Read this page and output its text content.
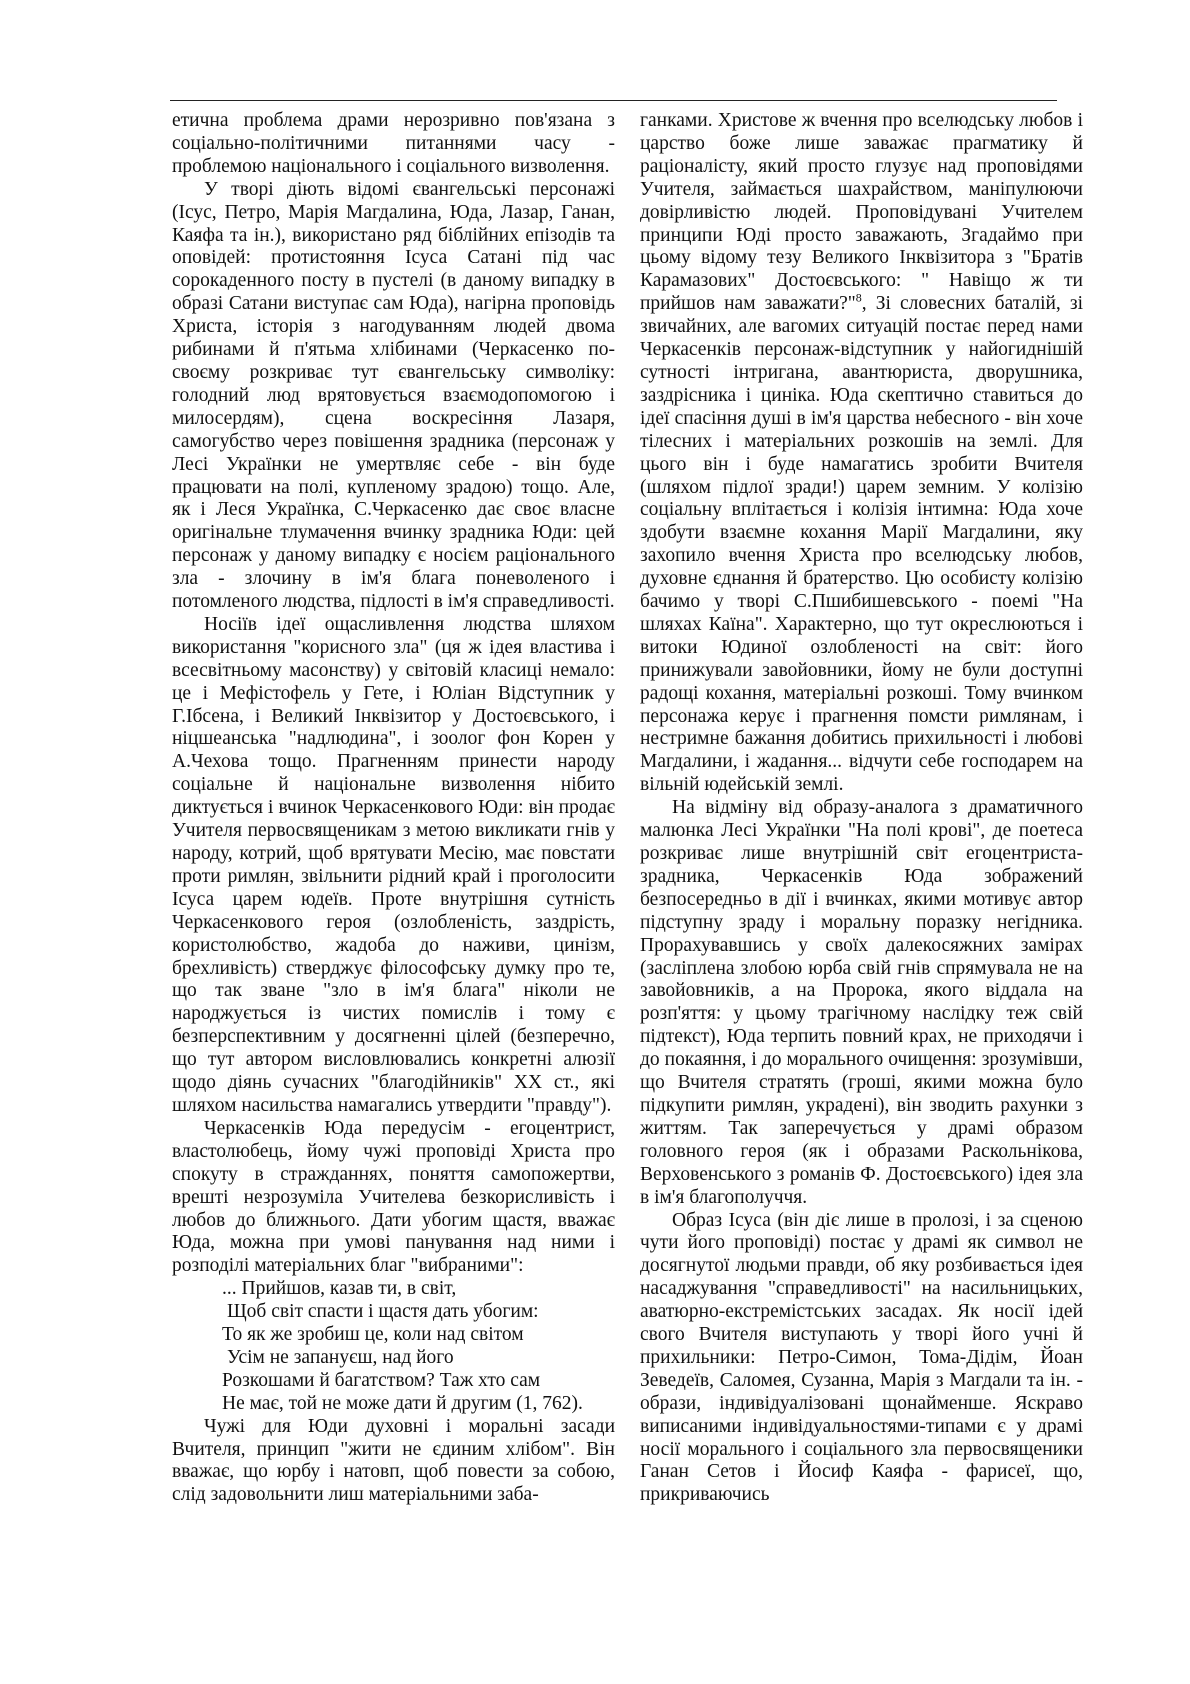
етична проблема драми нерозривно пов'язана з соціально-політичними питаннями часу - проблемою національного і соціального визволення.

У творі діють відомі євангельські персонажі (Ісус, Петро, Марія Магдалина, Юда, Лазар, Ганан, Каяфа та ін.), використано ряд біблійних епізодів та оповідей: протистояння Ісуса Сатані під час сорокаденного посту в пустелі (в даному випадку в образі Сатани виступає сам Юда), нагірна проповідь Христа, історія з нагодуванням людей двома рибинами й п'ятьма хлібинами (Черкасенко по-своєму розкриває тут євангельську символіку: голодний люд врятовується взаємодопомогою і милосердям), сцена воскресіння Лазаря, самогубство через повішення зрадника (персонаж у Лесі Українки не умертвляє себе - він буде працювати на полі, купленому зрадою) тощо. Але, як і Леся Українка, С.Черкасенко дає своє власне оригінальне тлумачення вчинку зрадника Юди: цей персонаж у даному випадку є носієм раціонального зла - злочину в ім'я блага поневоленого і потомленого людства, підлості в ім'я справедливості.

Носіїв ідеї ощасливлення людства шляхом використання "корисного зла" (ця ж ідея властива і всесвітньому масонству) у світовій класиці немало: це і Мефістофель у Гете, і Юліан Відступник у Г.Ібсена, і Великий Інквізитор у Достоєвського, і ніцшеанська "надлюдина", і зоолог фон Корен у А.Чехова тощо. Прагненням принести народу соціальне й національне визволення нібито диктується і вчинок Черкасенкового Юди: він продає Учителя первосвященикам з метою викликати гнів у народу, котрий, щоб врятувати Месію, має повстати проти римлян, звільнити рідний край і проголосити Ісуса царем юдеїв. Проте внутрішня сутність Черкасенкового героя (озлобленість, заздрість, користолюбство, жадоба до наживи, цинізм, брехливість) стверджує філософську думку про те, що так зване "зло в ім'я блага" ніколи не народжується із чистих помислів і тому є безперспективним у досягненні цілей (безперечно, що тут автором висловлювались конкретні алюзії щодо діянь сучасних "благодійників" XX ст., які шляхом насильства намагались утвердити "правду").

Черкасенків Юда передусім - егоцентрист, властолюбець, йому чужі проповіді Христа про спокуту в стражданнях, поняття самопожертви, врешті незрозуміла Учителева безкорисливість і любов до ближнього. Дати убогим щастя, вважає Юда, можна при умові панування над ними і розподілі матеріальних благ "вибраними":

... Прийшов, казав ти, в світ,
Щоб світ спасти і щастя дать убогим:
То як же зробиш це, коли над світом
Усім не запануєш, над його
Розкошами й багатством? Таж хто сам
Не має, той не може дати й другим (1, 762).

Чужі для Юди духовні і моральні засади Вчителя, принцип "жити не єдиним хлібом". Він вважає, що юрбу і натовп, щоб повести за собою, слід задовольнити лиш матеріальними заба-

ганками. Христове ж вчення про вселюдську любов і царство боже лише заважає прагматику й раціоналісту, який просто глузує над проповідями Учителя, займається шахрайством, маніпулюючи довірливістю людей. Проповідувані Учителем принципи Юді просто заважають, Згадаймо при цьому відому тезу Великого Інквізитора з "Братів Карамазових" Достоєвського: " Навіщо ж ти прийшов нам заважати?"$^8$, Зі словесних баталій, зі звичайних, але вагомих ситуацій постає перед нами Черкасенків персонаж-відступник у найогиднішій сутності інтригана, авантюриста, дворушника, заздрісника і циніка. Юда скептично ставиться до ідеї спасіння душі в ім'я царства небесного - він хоче тілесних і матеріальних розкошів на землі. Для цього він і буде намагатись зробити Вчителя (шляхом підлої зради!) царем земним. У колізію соціальну вплітається і колізія інтимна: Юда хоче здобути взаємне кохання Марії Магдалини, яку захопило вчення Христа про вселюдську любов, духовне єднання й братерство. Цю особисту колізію бачимо у творі С.Пшибишевського - поемі "На шляхах Каїна". Характерно, що тут окреслюються і витоки Юдиної озлобленості на світ: його принижували завойовники, йому не були доступні радощі кохання, матеріальні розкоші. Тому вчинком персонажа керує і прагнення помсти римлянам, і нестримне бажання добитись прихильності і любові Магдалини, і жадання... відчути себе господарем на вільній юдейській землі.

На відміну від образу-аналога з драматичного малюнка Лесі Українки "На полі крові", де поетеса розкриває лише внутрішній світ егоцентриста-зрадника, Черкасенків Юда зображений безпосередньо в дії і вчинках, якими мотивує автор підступну зраду і моральну поразку негідника. Прорахувавшись у своїх далекосяжних замірах (засліплена злобою юрба свій гнів спрямувала не на завойовників, а на Пророка, якого віддала на розп'яття: у цьому трагічному наслідку теж свій підтекст), Юда терпить повний крах, не приходячи і до покаяння, і до морального очищення: зрозумівши, що Вчителя стратять (гроші, якими можна було підкупити римлян, украдені), він зводить рахунки з життям. Так заперечується у драмі образом головного героя (як і образами Раскольнікова, Верховенського з романів Ф. Достоєвського) ідея зла в ім'я благополуччя.

Образ Ісуса (він діє лише в пролозі, і за сценою чути його проповіді) постає у драмі як символ не досягнутої людьми правди, об яку розбивається ідея насаджування "справедливості" на насильницьких, аватюрно-екстремістських засадах. Як носії ідей свого Вчителя виступають у творі його учні й прихильники: Петро-Симон, Тома-Дідім, Йоан Зеведеїв, Саломея, Сузанна, Марія з Магдали та ін. - образи, індивідуалізовані щонайменше. Яскраво виписаними індивідуальностями-типами є у драмі носії морального і соціального зла первосвященики Ганан Сетов і Йосиф Каяфа - фарисеї, що, прикриваючись
